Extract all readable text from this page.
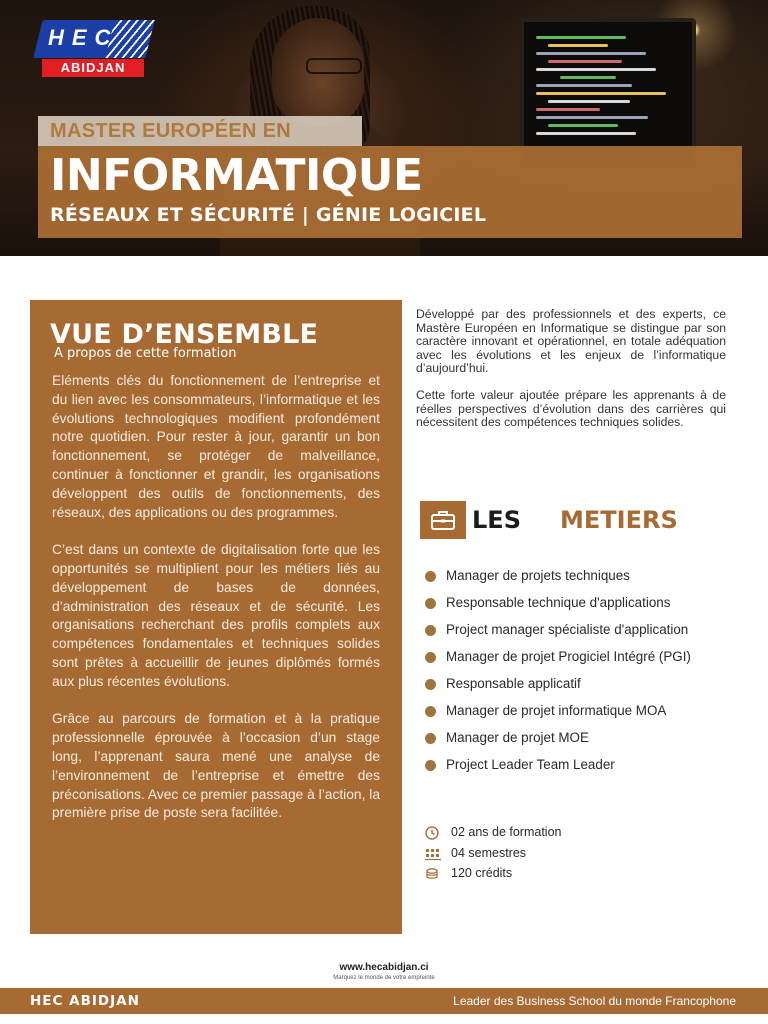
HEC
ABIDJAN
MASTER EUROPÉEN EN
INFORMATIQUE
RÉSEAUX ET SÉCURITÉ | GÉNIE LOGICIEL
VUE D’ENSEMBLE
A propos de cette formation

Eléments clés du fonctionnement de l’entreprise et du lien avec les consommateurs, l’informatique et les évolutions technologiques modifient profondément notre quotidien. Pour rester à jour, garantir un bon fonctionnement, se protéger de malveillance, continuer à fonctionner et grandir, les organisations développent des outils de fonctionnements, des réseaux, des applications ou des programmes.

C’est dans un contexte de digitalisation forte que les opportunités se multiplient pour les métiers liés au développement de bases de données, d’administration des réseaux et de sécurité. Les organisations recherchant des profils complets aux compétences fondamentales et techniques solides sont prêtes à accueillir de jeunes diplômés formés aux plus récentes évolutions.

Grâce au parcours de formation et à la pratique professionnelle éprouvée à l’occasion d’un stage long, l’apprenant saura mené une analyse de l’environnement de l’entreprise et émettre des préconisations. Avec ce premier passage à l’action, la première prise de poste sera facilitée.

Développé par des professionnels et des experts, ce Mastère Européen en Informatique se distingue par son caractère innovant et opérationnel, en totale adéquation avec les évolutions et les enjeux de l’informatique d’aujourd’hui.

Cette forte valeur ajoutée prépare les apprenants à de réelles perspectives d’évolution dans des carrières qui nécessitent des compétences techniques solides.

LES METIERS
Manager de projets techniques
Responsable technique d'applications
Project manager spécialiste d'application
Manager de projet Progiciel Intégré (PGI)
Responsable applicatif
Manager de projet informatique MOA
Manager de projet MOE
Project Leader Team Leader
02 ans de formation
04 semestres
120 crédits
www.hecabidjan.ci
Marquez le monde de votre empreinte
HEC ABIDJAN	Leader des Business School du monde Francophone
